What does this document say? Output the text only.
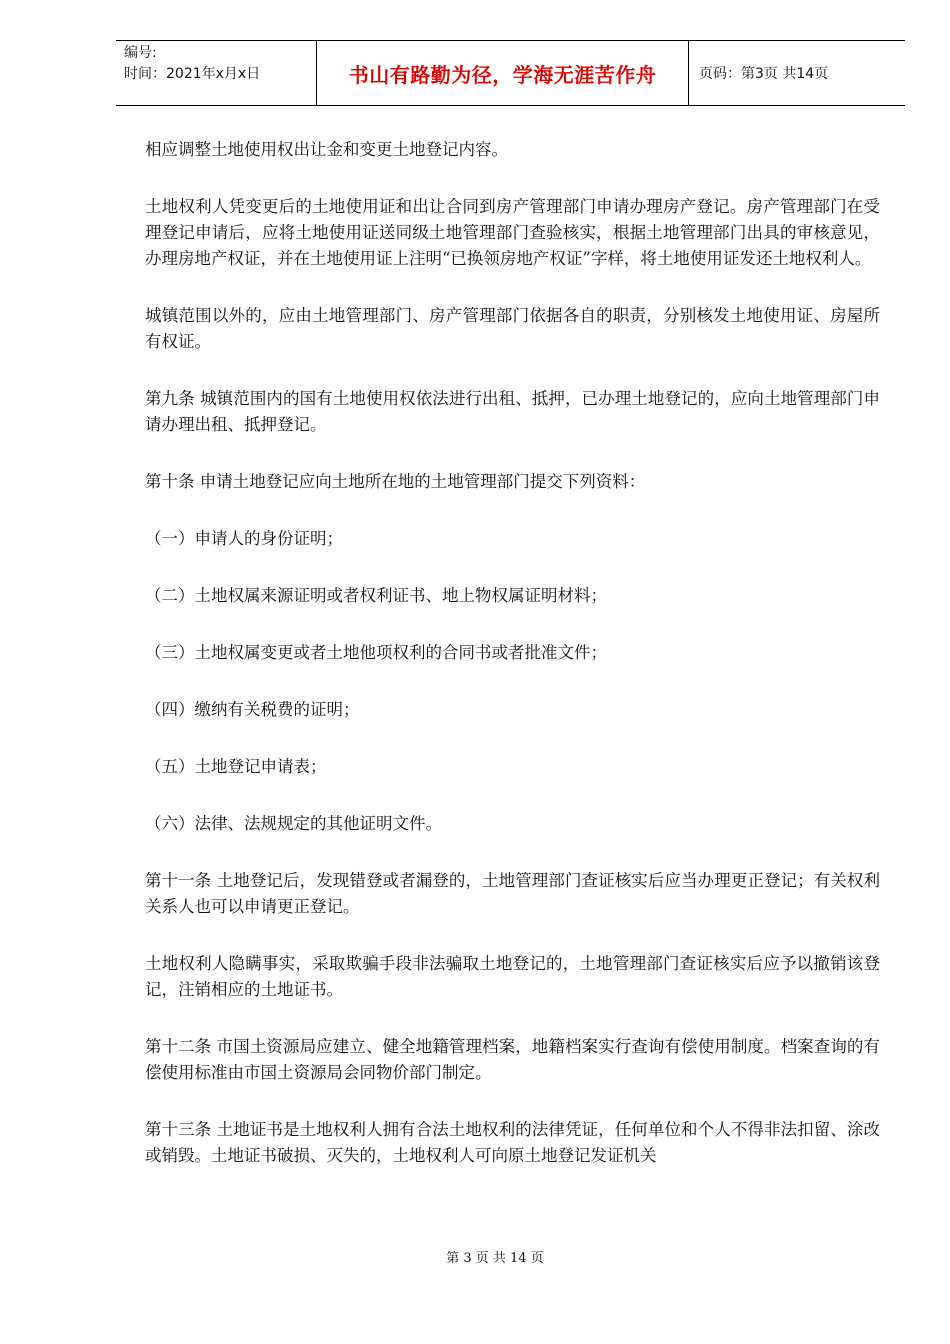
编号:
时间：2021年x月x日	书山有路勤为径，学海无涯苦作舟	页码：第3页 共14页

相应调整土地使用权出让金和变更土地登记内容。

土地权利人凭变更后的土地使用证和出让合同到房产管理部门申请办理房产登记。房产管理部门在受理登记申请后，应将土地使用证送同级土地管理部门查验核实，根据土地管理部门出具的审核意见，办理房地产权证，并在土地使用证上注明“已换领房地产权证”字样，将土地使用证发还土地权利人。

城镇范围以外的，应由土地管理部门、房产管理部门依据各自的职责，分别核发土地使用证、房屋所有权证。

第九条 城镇范围内的国有土地使用权依法进行出租、抵押，已办理土地登记的，应向土地管理部门申请办理出租、抵押登记。

第十条 申请土地登记应向土地所在地的土地管理部门提交下列资料：

（一）申请人的身份证明；

（二）土地权属来源证明或者权利证书、地上物权属证明材料；

（三）土地权属变更或者土地他项权利的合同书或者批准文件；

（四）缴纳有关税费的证明；

（五）土地登记申请表；

（六）法律、法规规定的其他证明文件。

第十一条 土地登记后，发现错登或者漏登的，土地管理部门查证核实后应当办理更正登记；有关权利关系人也可以申请更正登记。

土地权利人隐瞒事实，采取欺骗手段非法骗取土地登记的，土地管理部门查证核实后应予以撤销该登记，注销相应的土地证书。

第十二条 市国土资源局应建立、健全地籍管理档案，地籍档案实行查询有偿使用制度。档案查询的有偿使用标准由市国土资源局会同物价部门制定。

第十三条 土地证书是土地权利人拥有合法土地权利的法律凭证，任何单位和个人不得非法扣留、涂改或销毁。土地证书破损、灭失的，土地权利人可向原土地登记发证机关

第 3 页 共 14 页
